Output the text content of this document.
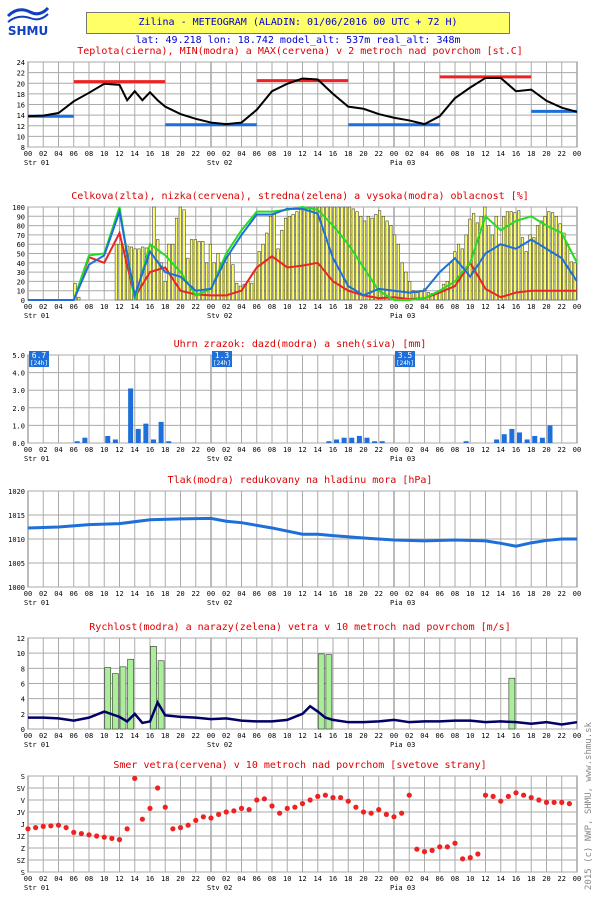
SHMU
Zilina - METEOGRAM (ALADIN: 01/06/2016 00 UTC + 72 H)
lat: 49.218 lon: 18.742 model_alt: 537m real_alt: 348m
Teplota(cierna), MIN(modra) a MAX(cervena) v 2 metroch nad povrchom [st.C]
00 02 04 06 08 10 12 14 16 18 20 22 00 02 04 06 08 10 12 14 16 18 20 22 00 02 04 06 08 10 12 14 16 18 20 22 00
Str 01	Stv 02	Pia 03
Celkova(zlta), nizka(cervena), stredna(zelena) a vysoka(modra) oblacnost [%]
00 02 04 06 08 10 12 14 16 18 20 22 00 02 04 06 08 10 12 14 16 18 20 22 00 02 04 06 08 10 12 14 16 18 20 22 00
Str 01	Stv 02	Pia 03
Uhrn zrazok: dazd(modra) a sneh(siva) [mm]
00 02 04 06 08 10 12 14 16 18 20 22 00 02 04 06 08 10 12 14 16 18 20 22 00 02 04 06 08 10 12 14 16 18 20 22 00
Str 01	Stv 02	Pia 03
Tlak(modra) redukovany na hladinu mora [hPa]
00 02 04 06 08 10 12 14 16 18 20 22 00 02 04 06 08 10 12 14 16 18 20 22 00 02 04 06 08 10 12 14 16 18 20 22 00
Str 01	Stv 02	Pia 03
Rychlost(modra) a narazy(zelena) vetra v 10 metroch nad povrchom [m/s]
00 02 04 06 08 10 12 14 16 18 20 22 00 02 04 06 08 10 12 14 16 18 20 22 00 02 04 06 08 10 12 14 16 18 20 22 00
Str 01	Stv 02	Pia 03
Smer vetra(cervena) v 10 metroch nad povrchom [svetove strany]
00 02 04 06 08 10 12 14 16 18 20 22 00 02 04 06 08 10 12 14 16 18 20 22 00 02 04 06 08 10 12 14 16 18 20 22 00
Str 01	Stv 02	Pia 03
8
10
12
14
16
18
20
22
24
0
10
20
30
40
50
60
70
80
90
100
0.0
1.0
2.0
3.0
4.0
5.0 6.7
[24h]
1.3
[24h]
3.5
[24h]
1000
1005
1010
1015
1020
0
2
4
6
8
10
12
S
SZ
Z
JZ
J
JV
V
SV
S	2015 (c) NWP, SHMU, www.shmu.sk
